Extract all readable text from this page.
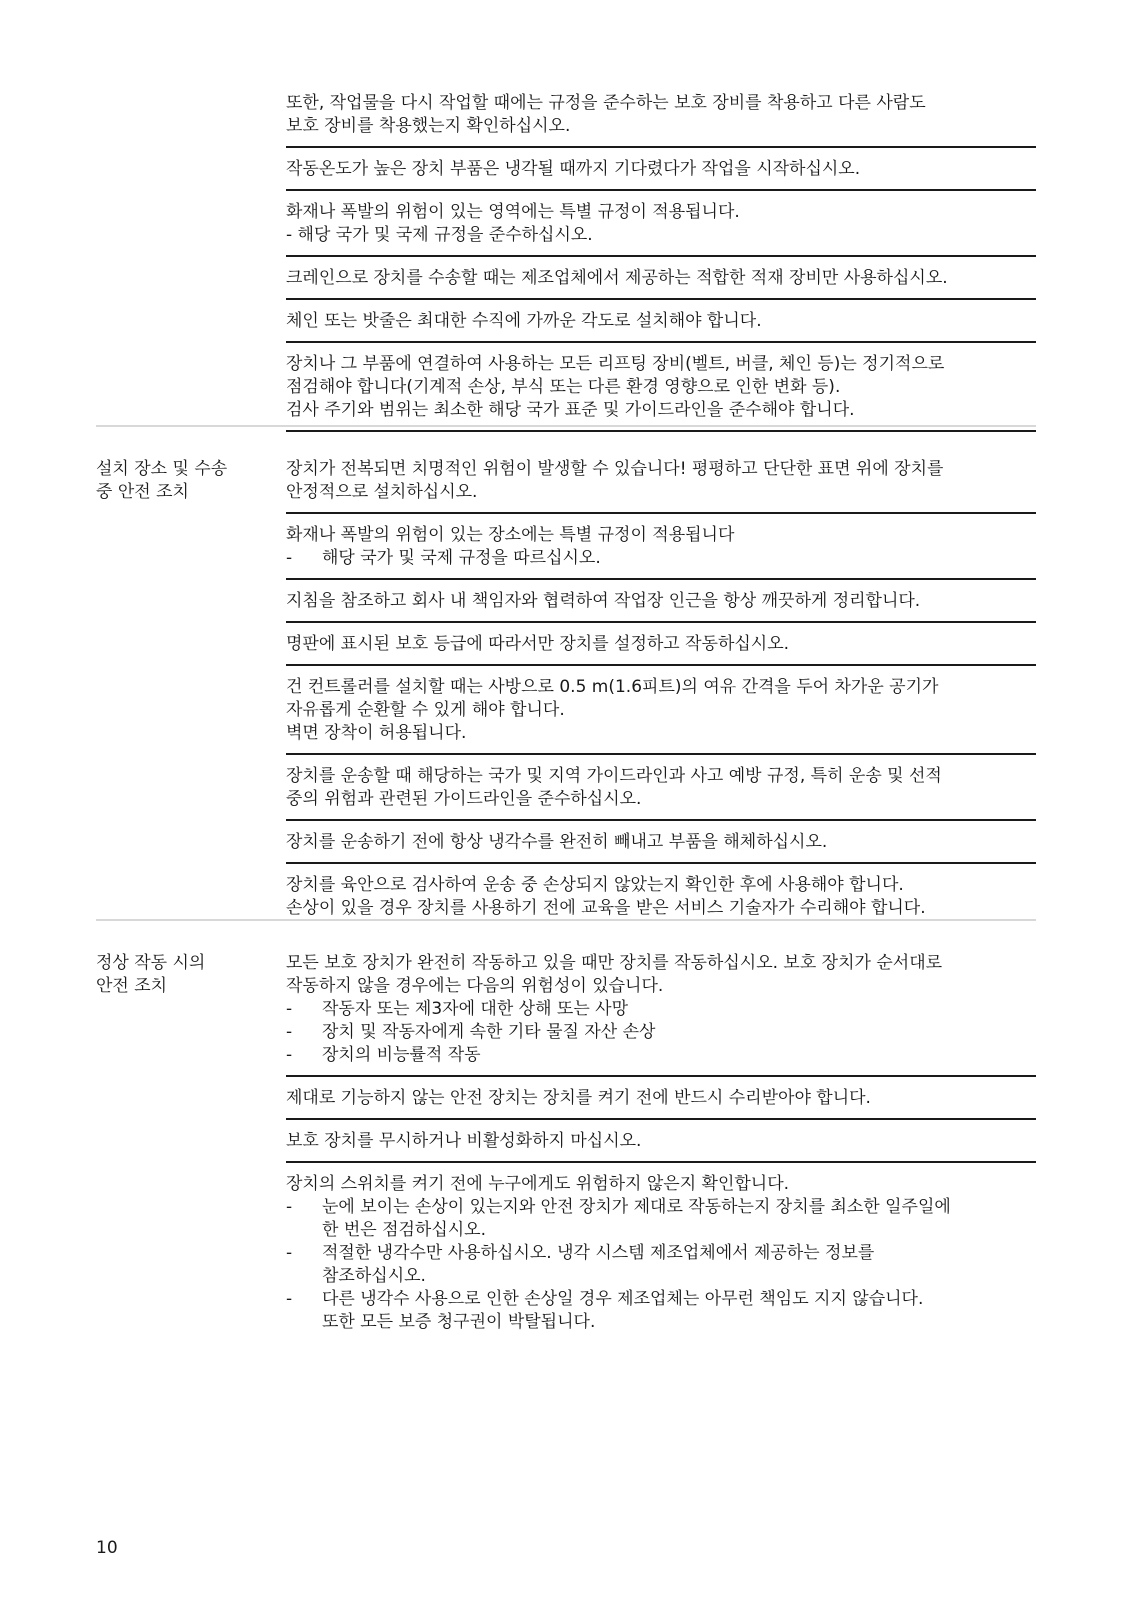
또한, 작업물을 다시 작업할 때에는 규정을 준수하는 보호 장비를 착용하고 다른 사람도
보호 장비를 착용했는지 확인하십시오.
작동온도가 높은 장치 부품은 냉각될 때까지 기다렸다가 작업을 시작하십시오.
화재나 폭발의 위험이 있는 영역에는 특별 규정이 적용됩니다.
- 해당 국가 및 국제 규정을 준수하십시오.
크레인으로 장치를 수송할 때는 제조업체에서 제공하는 적합한 적재 장비만 사용하십시오.
체인 또는 밧줄은 최대한 수직에 가까운 각도로 설치해야 합니다.
장치나 그 부품에 연결하여 사용하는 모든 리프팅 장비(벨트, 버클, 체인 등)는 정기적으로
점검해야 합니다(기계적 손상, 부식 또는 다른 환경 영향으로 인한 변화 등).
검사 주기와 범위는 최소한 해당 국가 표준 및 가이드라인을 준수해야 합니다.
설치 장소 및 수송
중 안전 조치
장치가 전복되면 치명적인 위험이 발생할 수 있습니다! 평평하고 단단한 표면 위에 장치를
안정적으로 설치하십시오.
화재나 폭발의 위험이 있는 장소에는 특별 규정이 적용됩니다
-	해당 국가 및 국제 규정을 따르십시오.
지침을 참조하고 회사 내 책임자와 협력하여 작업장 인근을 항상 깨끗하게 정리합니다.
명판에 표시된 보호 등급에 따라서만 장치를 설정하고 작동하십시오.
건 컨트롤러를 설치할 때는 사방으로 0.5 m(1.6피트)의 여유 간격을 두어 차가운 공기가
자유롭게 순환할 수 있게 해야 합니다.
벽면 장착이 허용됩니다.
장치를 운송할 때 해당하는 국가 및 지역 가이드라인과 사고 예방 규정, 특히 운송 및 선적
중의 위험과 관련된 가이드라인을 준수하십시오.
장치를 운송하기 전에 항상 냉각수를 완전히 빼내고 부품을 해체하십시오.
장치를 육안으로 검사하여 운송 중 손상되지 않았는지 확인한 후에 사용해야 합니다.
손상이 있을 경우 장치를 사용하기 전에 교육을 받은 서비스 기술자가 수리해야 합니다.
정상 작동 시의
안전 조치
모든 보호 장치가 완전히 작동하고 있을 때만 장치를 작동하십시오. 보호 장치가 순서대로
작동하지 않을 경우에는 다음의 위험성이 있습니다.
-	작동자 또는 제3자에 대한 상해 또는 사망
-	장치 및 작동자에게 속한 기타 물질 자산 손상
-	장치의 비능률적 작동
제대로 기능하지 않는 안전 장치는 장치를 켜기 전에 반드시 수리받아야 합니다.
보호 장치를 무시하거나 비활성화하지 마십시오.
장치의 스위치를 켜기 전에 누구에게도 위험하지 않은지 확인합니다.
-	눈에 보이는 손상이 있는지와 안전 장치가 제대로 작동하는지 장치를 최소한 일주일에
한 번은 점검하십시오.
-	적절한 냉각수만 사용하십시오. 냉각 시스템 제조업체에서 제공하는 정보를
참조하십시오.
-	다른 냉각수 사용으로 인한 손상일 경우 제조업체는 아무런 책임도 지지 않습니다.
또한 모든 보증 청구권이 박탈됩니다.
10
